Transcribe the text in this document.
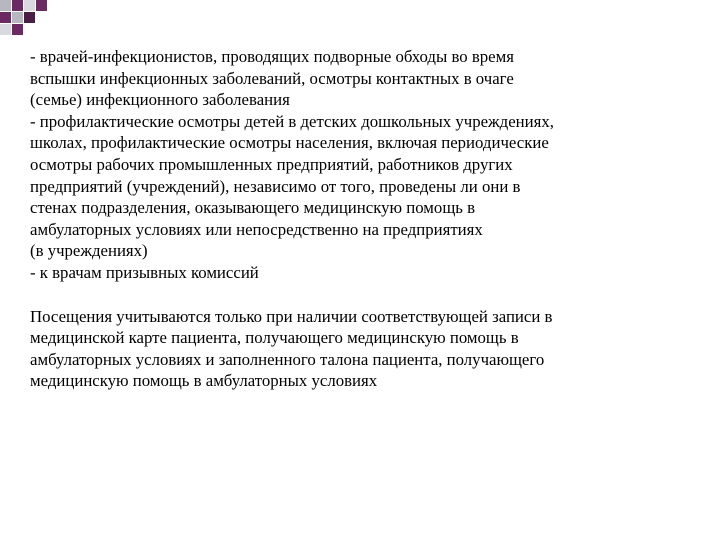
- врачей-инфекционистов, проводящих подворные обходы во время
вспышки инфекционных заболеваний, осмотры контактных в очаге
(семье) инфекционного заболевания

- профилактические осмотры детей в детских дошкольных учреждениях,
школах, профилактические осмотры населения, включая периодические
осмотры рабочих промышленных предприятий, работников других
предприятий (учреждений), независимо от того, проведены ли они в
стенах подразделения, оказывающего медицинскую помощь в
амбулаторных условиях или непосредственно на предприятиях
(в учреждениях)

- к врачам призывных комиссий

Посещения учитываются только при наличии соответствующей записи в
медицинской карте пациента, получающего медицинскую помощь в
амбулаторных условиях и заполненного талона пациента, получающего
медицинскую помощь в амбулаторных условиях
